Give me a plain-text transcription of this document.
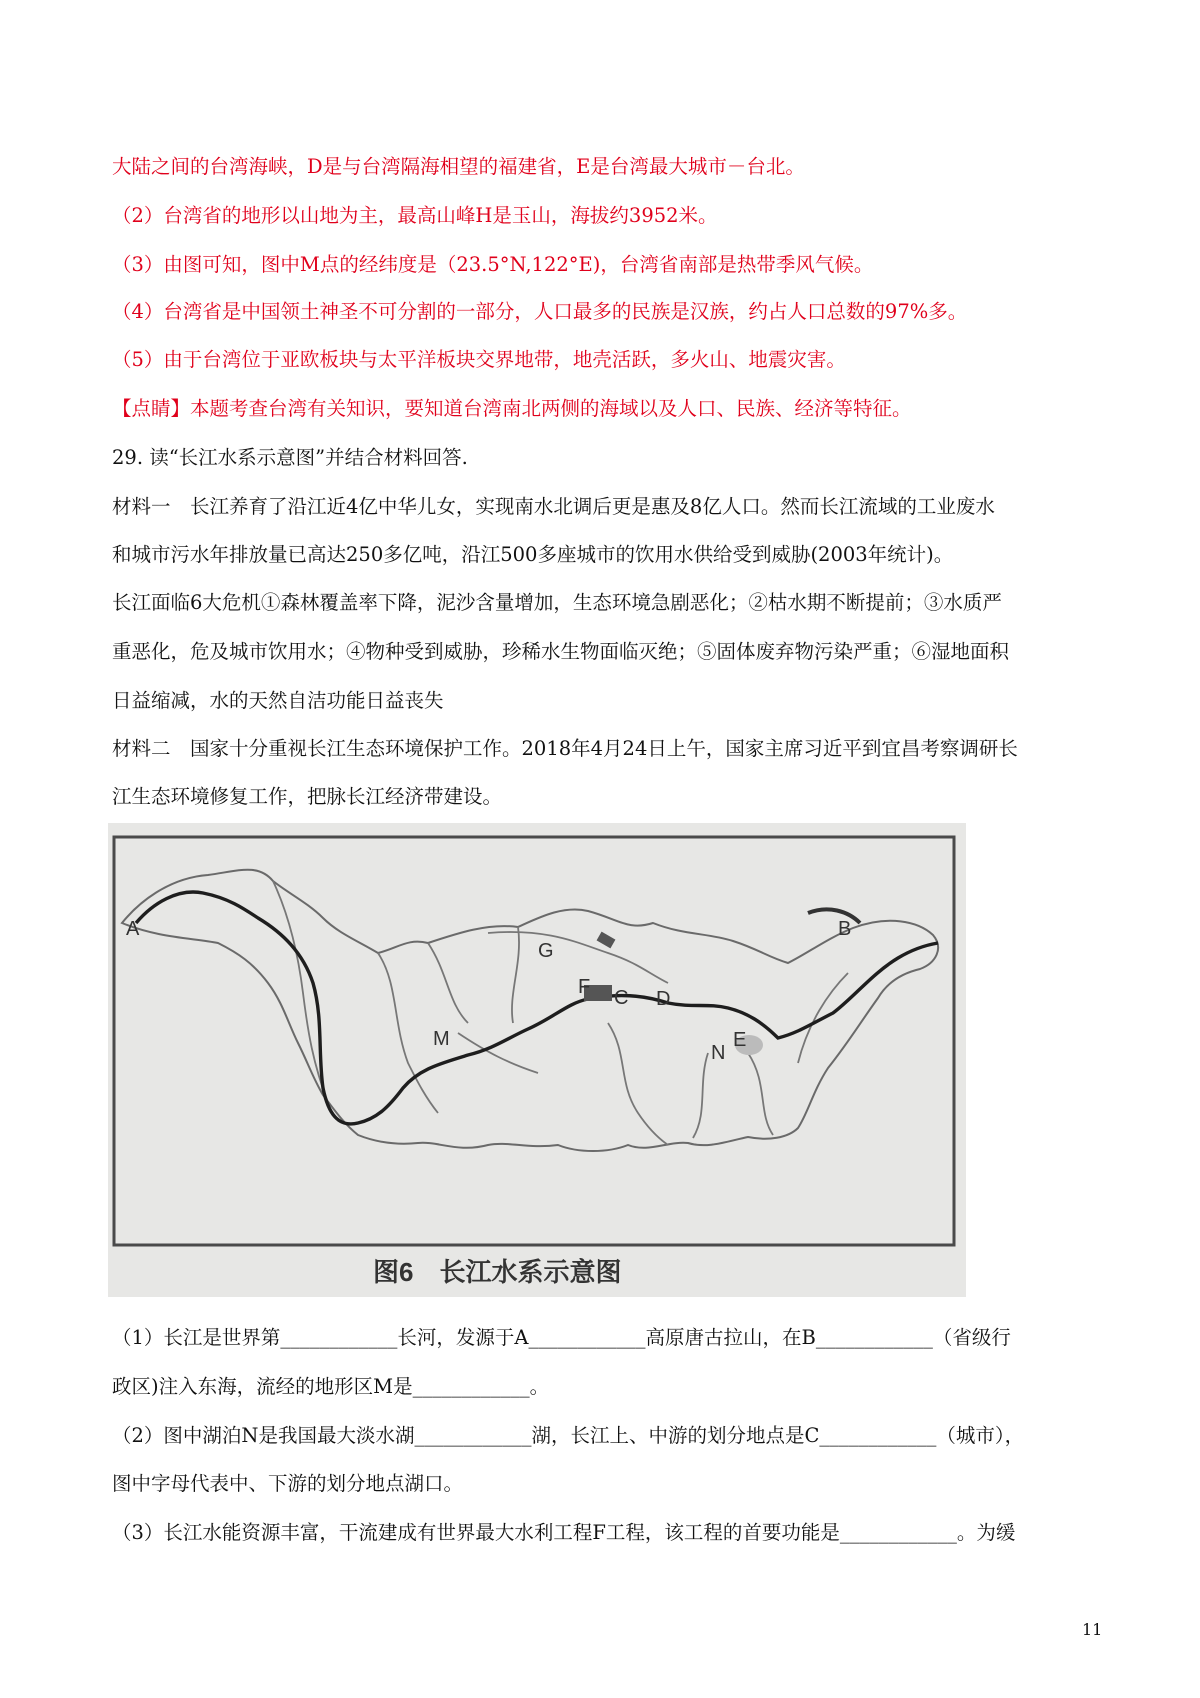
大陆之间的台湾海峡，D是与台湾隔海相望的福建省，E是台湾最大城市－台北。
（2）台湾省的地形以山地为主，最高山峰H是玉山，海拔约3952米。
（3）由图可知，图中M点的经纬度是（23.5°N,122°E)，台湾省南部是热带季风气候。
（4）台湾省是中国领土神圣不可分割的一部分，人口最多的民族是汉族，约占人口总数的97%多。
（5）由于台湾位于亚欧板块与太平洋板块交界地带，地壳活跃，多火山、地震灾害。
【点睛】本题考查台湾有关知识，要知道台湾南北两侧的海域以及人口、民族、经济等特征。
29. 读“长江水系示意图”并结合材料回答.
材料一　长江养育了沿江近4亿中华儿女，实现南水北调后更是惠及8亿人口。然而长江流域的工业废水
和城市污水年排放量已高达250多亿吨，沿江500多座城市的饮用水供给受到威胁(2003年统计)。
长江面临6大危机①森林覆盖率下降，泥沙含量增加，生态环境急剧恶化；②枯水期不断提前；③水质严
重恶化，危及城市饮用水；④物种受到威胁，珍稀水生物面临灭绝；⑤固体废弃物污染严重；⑥湿地面积
日益缩减，水的天然自洁功能日益丧失
材料二　国家十分重视长江生态环境保护工作。2018年4月24日上午，国家主席习近平到宜昌考察调研长
江生态环境修复工作，把脉长江经济带建设。
A	B
C D
E
F
G
M
N
图6　长江水系示意图
（1）长江是世界第____________长河，发源于A____________高原唐古拉山，在B____________（省级行
政区)注入东海，流经的地形区M是____________。
（2）图中湖泊N是我国最大淡水湖____________湖，长江上、中游的划分地点是C____________（城市），
图中字母代表中、下游的划分地点湖口。
（3）长江水能资源丰富，干流建成有世界最大水利工程F工程，该工程的首要功能是____________。为缓
11
